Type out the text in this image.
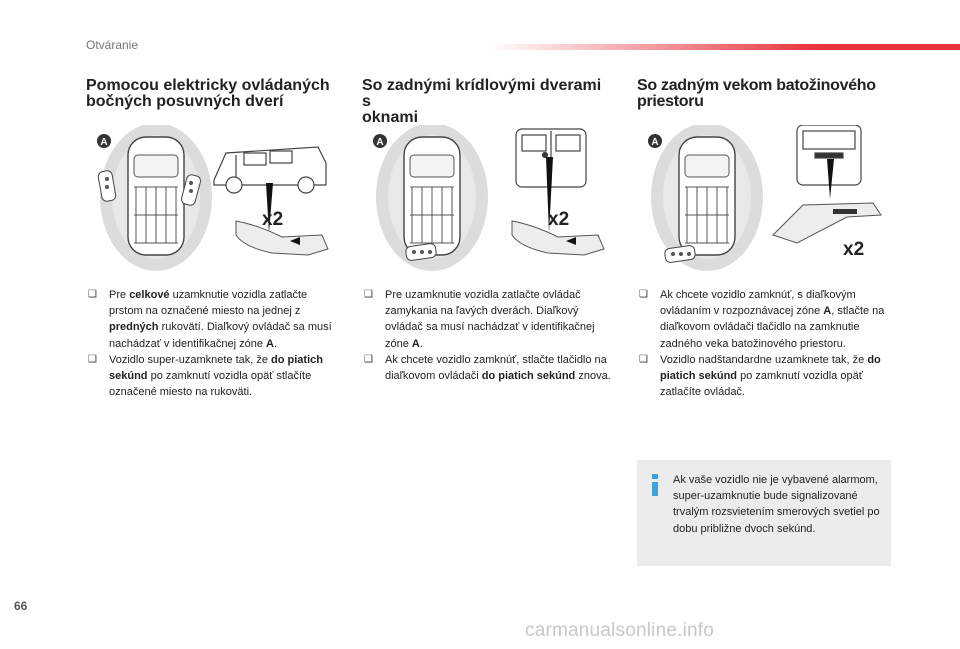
Otváranie
Pomocou elektricky ovládaných
bočných posuvných dverí
So zadnými krídlovými dverami s
oknami
So zadným vekom batožinového
priestoru
A
x2
A
x2
A
x2
❑ Pre celkové uzamknutie vozidla zatlačte prstom na označené miesto na jednej z predných rukovätí. Diaľkový ovládač sa musí nachádzať v identifikačnej zóne A.
❑ Vozidlo super-uzamknete tak, že do piatich sekúnd po zamknutí vozidla opäť stlačíte označené miesto na rukoväti.
❑ Pre uzamknutie vozidla zatlačte ovládač zamykania na ľavých dverách. Diaľkový ovládač sa musí nachádzať v identifikačnej zóne A.
❑ Ak chcete vozidlo zamknúť, stlačte tlačidlo na diaľkovom ovládači do piatich sekúnd znova.
❑ Ak chcete vozidlo zamknúť, s diaľkovým ovládaním v rozpoznávacej zóne A, stlačte na diaľkovom ovládači tlačidlo na zamknutie zadného veka batožinového priestoru.
❑ Vozidlo nadštandardne uzamknete tak, že do piatich sekúnd po zamknutí vozidla opäť zatlačíte ovládač.
Ak vaše vozidlo nie je vybavené alarmom, super-uzamknutie bude signalizované trvalým rozsvietením smerových svetiel po dobu približne dvoch sekúnd.
66
carmanualsonline.info
